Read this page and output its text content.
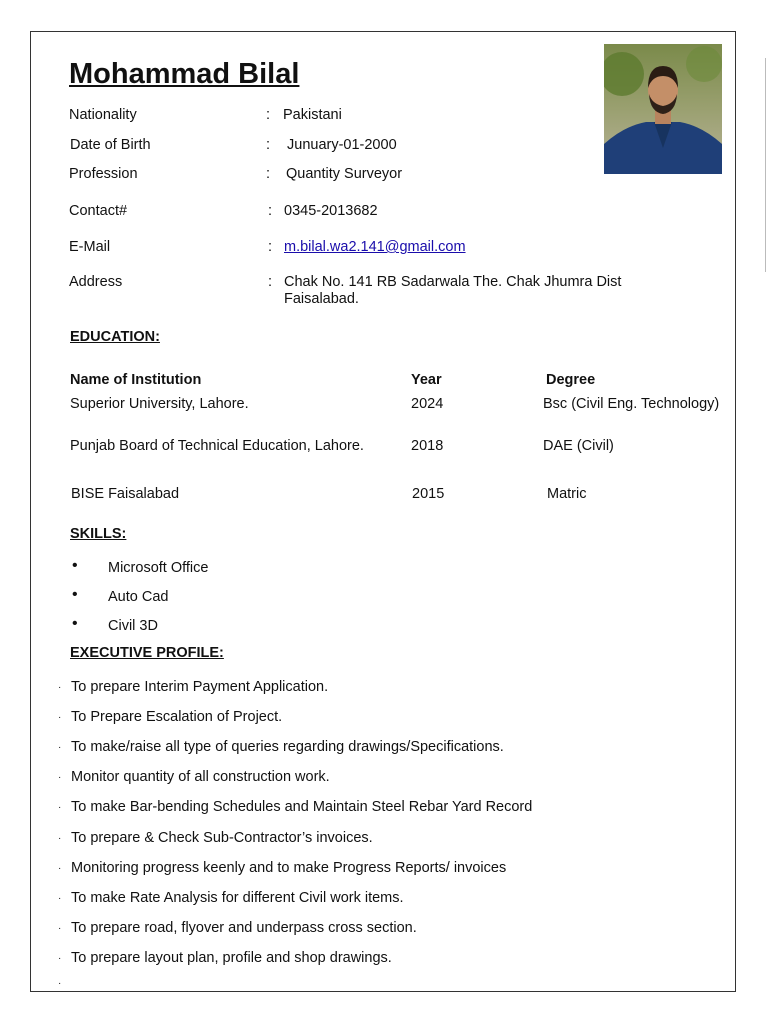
Mohammad Bilal
Nationality	: Pakistani
Date of Birth	: Junuary-01-2000
Profession	: Quantity Surveyor
Contact#	: 0345-2013682
E-Mail	: m.bilal.wa2.141@gmail.com
Address	: Chak No. 141 RB Sadarwala The. Chak Jhumra Dist
Faisalabad.
EDUCATION:
Name of Institution	Year	Degree
Superior University, Lahore.	2024	Bsc (Civil Eng. Technology)
Punjab Board of Technical Education, Lahore.	2018	DAE (Civil)
BISE Faisalabad	2015	Matric
SKILLS:
• Microsoft Office
• Auto Cad
• Civil 3D
EXECUTIVE PROFILE:
· To prepare Interim Payment Application.
· To Prepare Escalation of Project.
· To make/raise all type of queries regarding drawings/Specifications.
· Monitor quantity of all construction work.
· To make Bar-bending Schedules and Maintain Steel Rebar Yard Record
· To prepare & Check Sub-Contractor’s invoices.
· Monitoring progress keenly and to make Progress Reports/ invoices
· To make Rate Analysis for different Civil work items.
· To prepare road, flyover and underpass cross section.
· To prepare layout plan, profile and shop drawings.
·
